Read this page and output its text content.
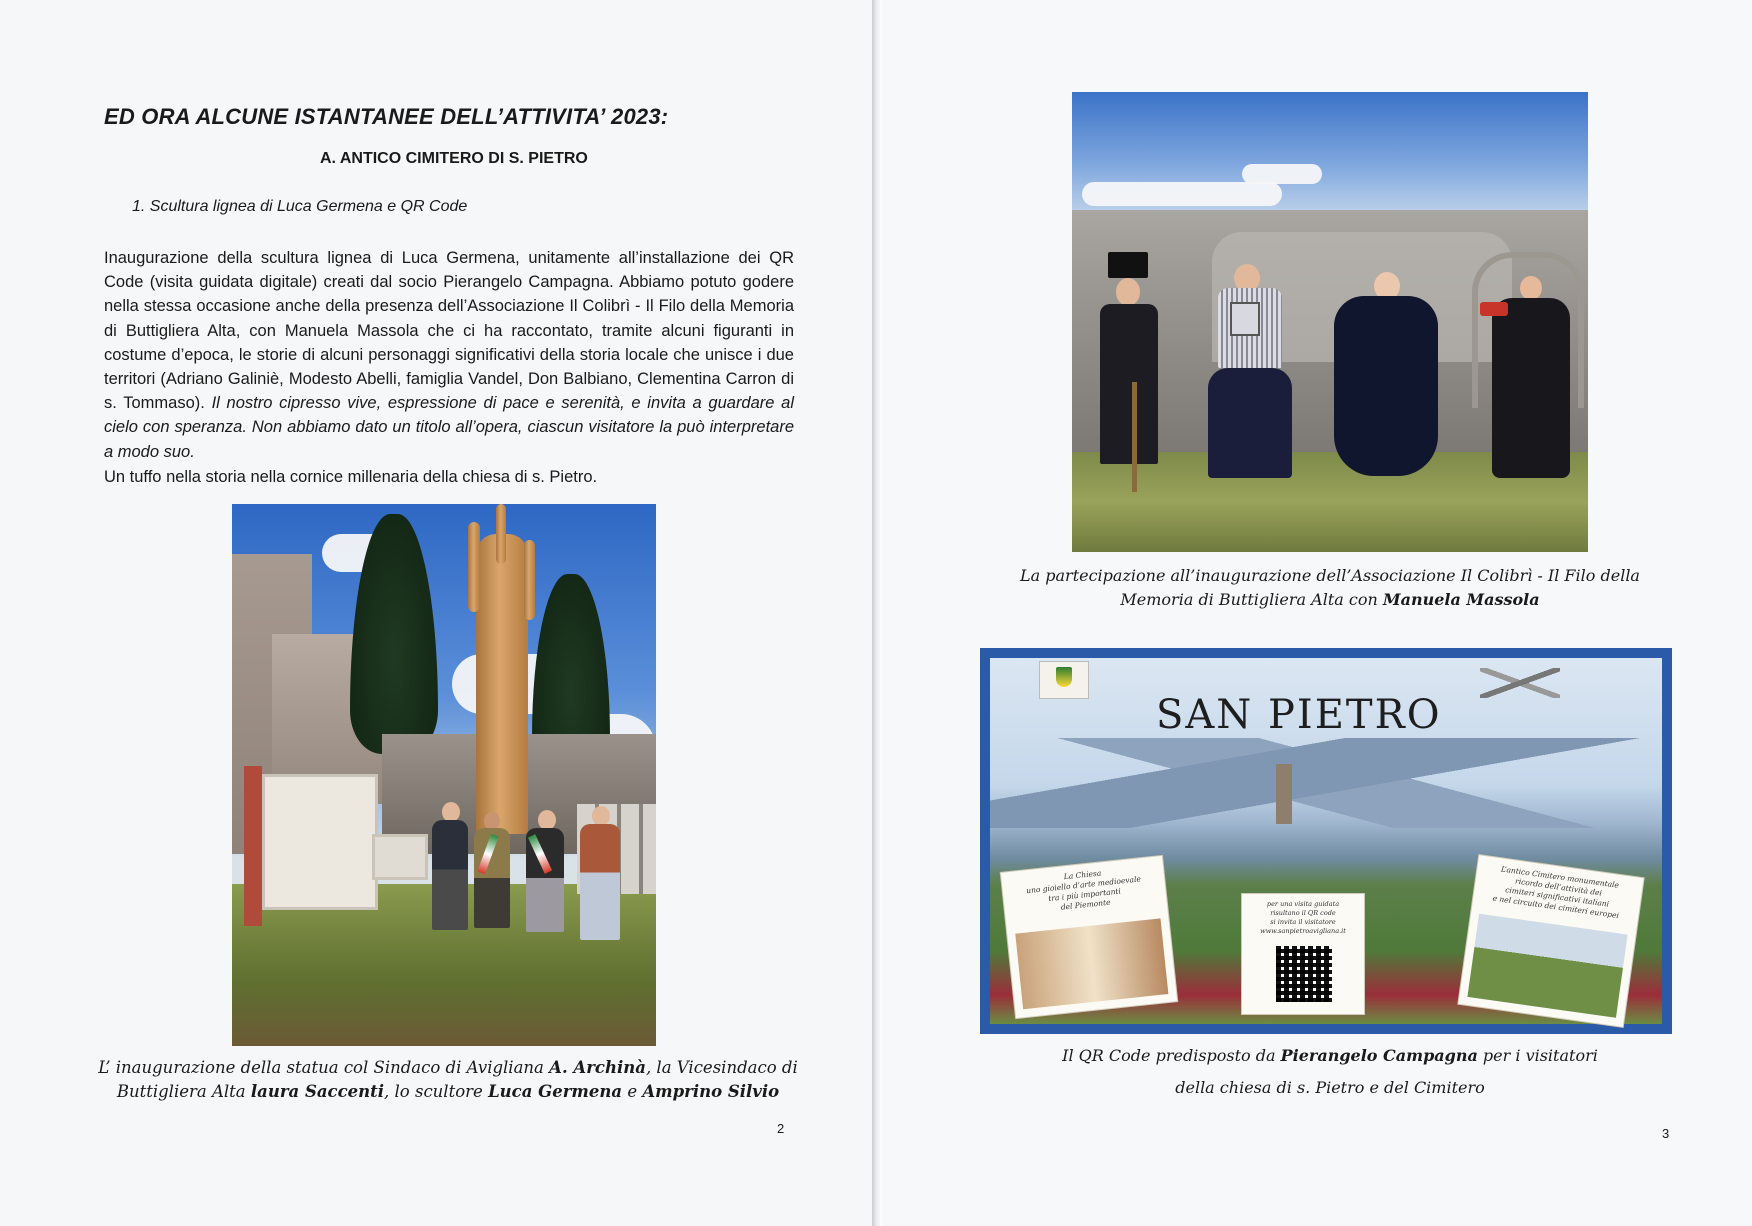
ED ORA ALCUNE ISTANTANEE DELL’ATTIVITA’ 2023:
A. ANTICO CIMITERO DI S. PIETRO
1. Scultura lignea di Luca Germena e QR Code
Inaugurazione della scultura lignea di Luca Germena, unitamente all’installazione dei QR Code (visita guidata digitale) creati dal socio Pierangelo Campagna. Abbiamo potuto godere nella stessa occasione anche della presenza dell’Associazione Il Colibrì - Il Filo della Memoria di Buttigliera Alta, con Manuela Massola che ci ha raccontato, tramite alcuni figuranti in costume d’epoca, le storie di alcuni personaggi significativi della storia locale che unisce i due territori (Adriano Galiniè, Modesto Abelli, famiglia Vandel, Don Balbiano, Clementina Carron di s. Tommaso). Il nostro cipresso vive, espressione di pace e serenità, e invita a guardare al cielo con speranza. Non abbiamo dato un titolo all’opera, ciascun visitatore la può interpretare a modo suo.
Un tuffo nella storia nella cornice millenaria della chiesa di s. Pietro.
L’ inaugurazione della statua col Sindaco di Avigliana A. Archinà, la Vicesindaco di Buttigliera Alta laura Saccenti, lo scultore Luca Germena e Amprino Silvio
2
La partecipazione all’inaugurazione dell’Associazione Il Colibrì - Il Filo della Memoria di Buttigliera Alta con Manuela Massola
SAN PIETRO
La Chiesa
uno gioiello d’arte medioevale
tra i più importanti
del Piemonte	per una visita guidata
risultano il QR code
si invita il visitatore
www.sanpietroavigliana.it
L’antico Cimitero monumentale
ricordo dell’attività dei
cimiteri significativi italiani
e nel circuito dei cimiteri europei
Il QR Code predisposto da Pierangelo Campagna per i visitatori
della chiesa di s. Pietro e del Cimitero
3
